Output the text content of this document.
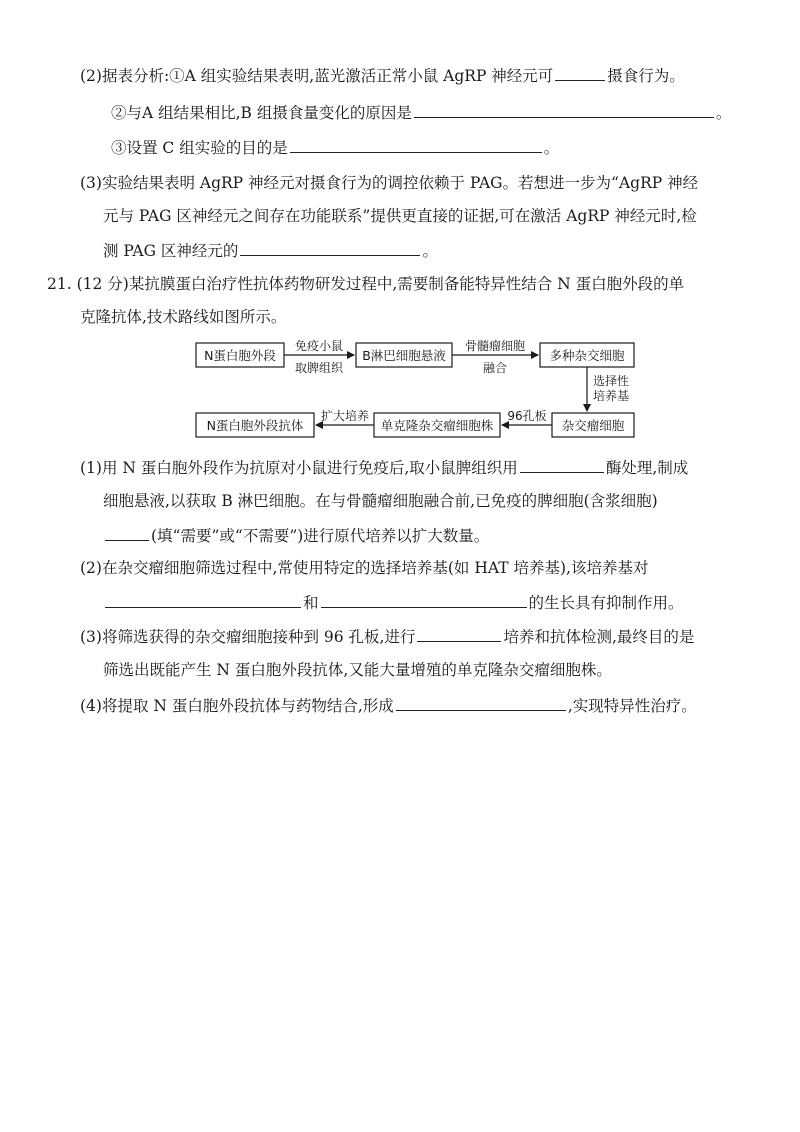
(2)据表分析:①A 组实验结果表明,蓝光激活正常小鼠 AgRP 神经元可	摄食行为。
②与A 组结果相比,B 组摄食量变化的原因是	。
③设置 C 组实验的目的是	。
(3)实验结果表明 AgRP 神经元对摄食行为的调控依赖于 PAG。若想进一步为“AgRP 神经
元与 PAG 区神经元之间存在功能联系”提供更直接的证据,可在激活 AgRP 神经元时,检
测 PAG 区神经元的	。
21. (12 分)某抗膜蛋白治疗性抗体药物研发过程中,需要制备能特异性结合 N 蛋白胞外段的单
克隆抗体,技术路线如图所示。
N蛋白胞外段	B淋巴细胞悬液	多种杂交细胞
N蛋白胞外段抗体	单克隆杂交瘤细胞株	杂交瘤细胞
免疫小鼠
取脾组织
骨髓瘤细胞
融合
选择性
培养基
96孔板
扩大培养
(1)用 N 蛋白胞外段作为抗原对小鼠进行免疫后,取小鼠脾组织用	酶处理,制成
细胞悬液,以获取 B 淋巴细胞。在与骨髓瘤细胞融合前,已免疫的脾细胞(含浆细胞)
(填“需要”或“不需要”)进行原代培养以扩大数量。
(2)在杂交瘤细胞筛选过程中,常使用特定的选择培养基(如 HAT 培养基),该培养基对
和	的生长具有抑制作用。
(3)将筛选获得的杂交瘤细胞接种到 96 孔板,进行	培养和抗体检测,最终目的是
筛选出既能产生 N 蛋白胞外段抗体,又能大量增殖的单克隆杂交瘤细胞株。
(4)将提取 N 蛋白胞外段抗体与药物结合,形成	,实现特异性治疗。
